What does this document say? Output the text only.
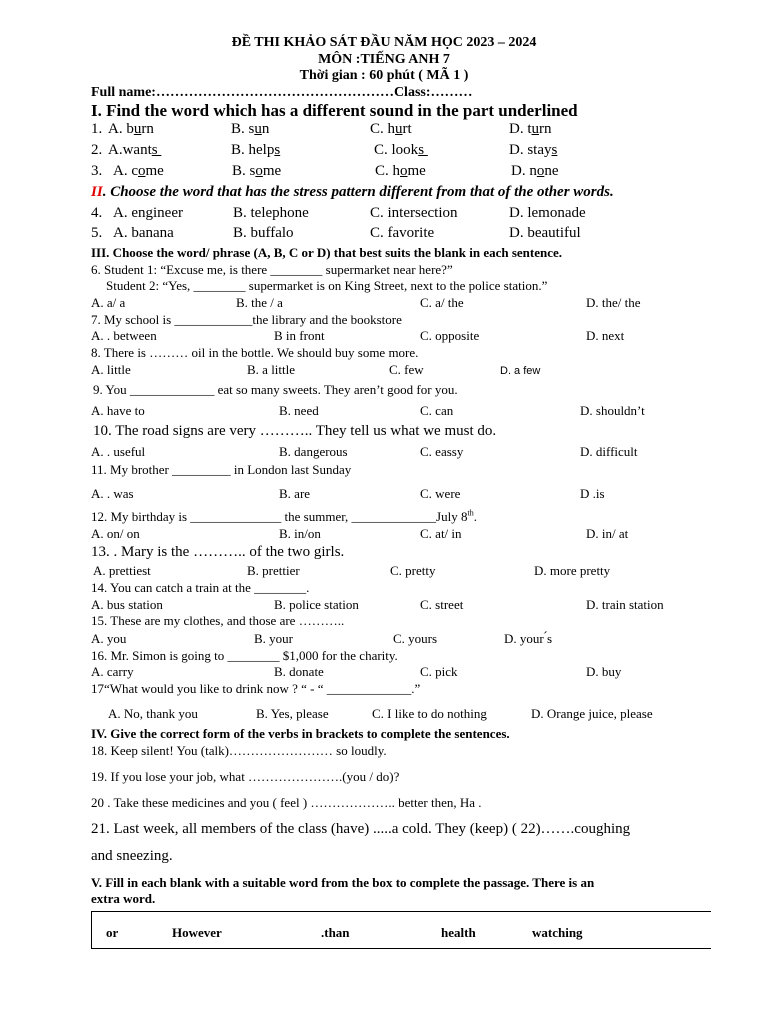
ĐỀ THI KHẢO SÁT ĐẦU NĂM HỌC 2023 – 2024
MÔN :TIẾNG ANH 7
Thời gian : 60 phút ( MÃ 1 )
Full name:……………………………………………Class:………
I. Find the word which has a different sound in the part underlined
1. A. burn	B. sun	C. hurt	D. turn
2. A.wants	B. helps	C. looks	D. stays
3. A. come	B. some	C. home	D. none
II. Choose the word that has the stress pattern different from that of the other words.
4. A. engineer	B. telephone	C. intersection	D. lemonade
5. A. banana	B. buffalo	C. favorite	D. beautiful
III. Choose the word/ phrase (A, B, C or D) that best suits the blank in each sentence.
6. Student 1: “Excuse me, is there ________ supermarket near here?”
Student 2: “Yes, ________ supermarket is on King Street, next to the police station.”
A. a/ a	B. the / a	C. a/ the	D. the/ the
7. My school is ____________the library and the bookstore
A. . between	B in front	C. opposite	D. next
8. There is ……… oil in the bottle. We should buy some more.
A. little	B. a little	C. few	D. a few
9. You _____________ eat so many sweets. They aren’t good for you.
A. have to	B. need	C. can	D. shouldn’t
10. The road signs are very ……….. They tell us what we must do.
A. . useful	B. dangerous	C. eassy	D. difficult
11. My brother _________ in London last Sunday
A. . was	B. are	C. were	D .is
12. My birthday is ______________ the summer, _____________July 8th.
A. on/ on	B. in/on	C. at/ in	D. in/ at
13. . Mary is the ……….. of the two girls.
A. prettiest	B. prettier	C. pretty	D. more pretty
14. You can catch a train at the ________.
A. bus station	B. police station	C. street	D. train station
15. These are my clothes, and those are ………..
A. you	B. your	C. yours	D. your ́s
16. Mr. Simon is going to ________ $1,000 for the charity.
A. carry	B. donate	C. pick	D. buy
17“What would you like to drink now ? “ - “ _____________.”
A. No, thank you	B. Yes, please	C. I like to do nothing	D. Orange juice, please
IV. Give the correct form of the verbs in brackets to complete the sentences.
18. Keep silent! You (talk)…………………… so loudly.
19. If you lose your job, what ………………….(you / do)?
20 . Take these medicines and you ( feel ) ……………….. better then, Ha .
21. Last week, all members of the class (have) .....a cold. They (keep) ( 22)…….coughing
and sneezing.
V. Fill in each blank with a suitable word from the box to complete the passage. There is an
extra word.
or	However	.than	health	watching
